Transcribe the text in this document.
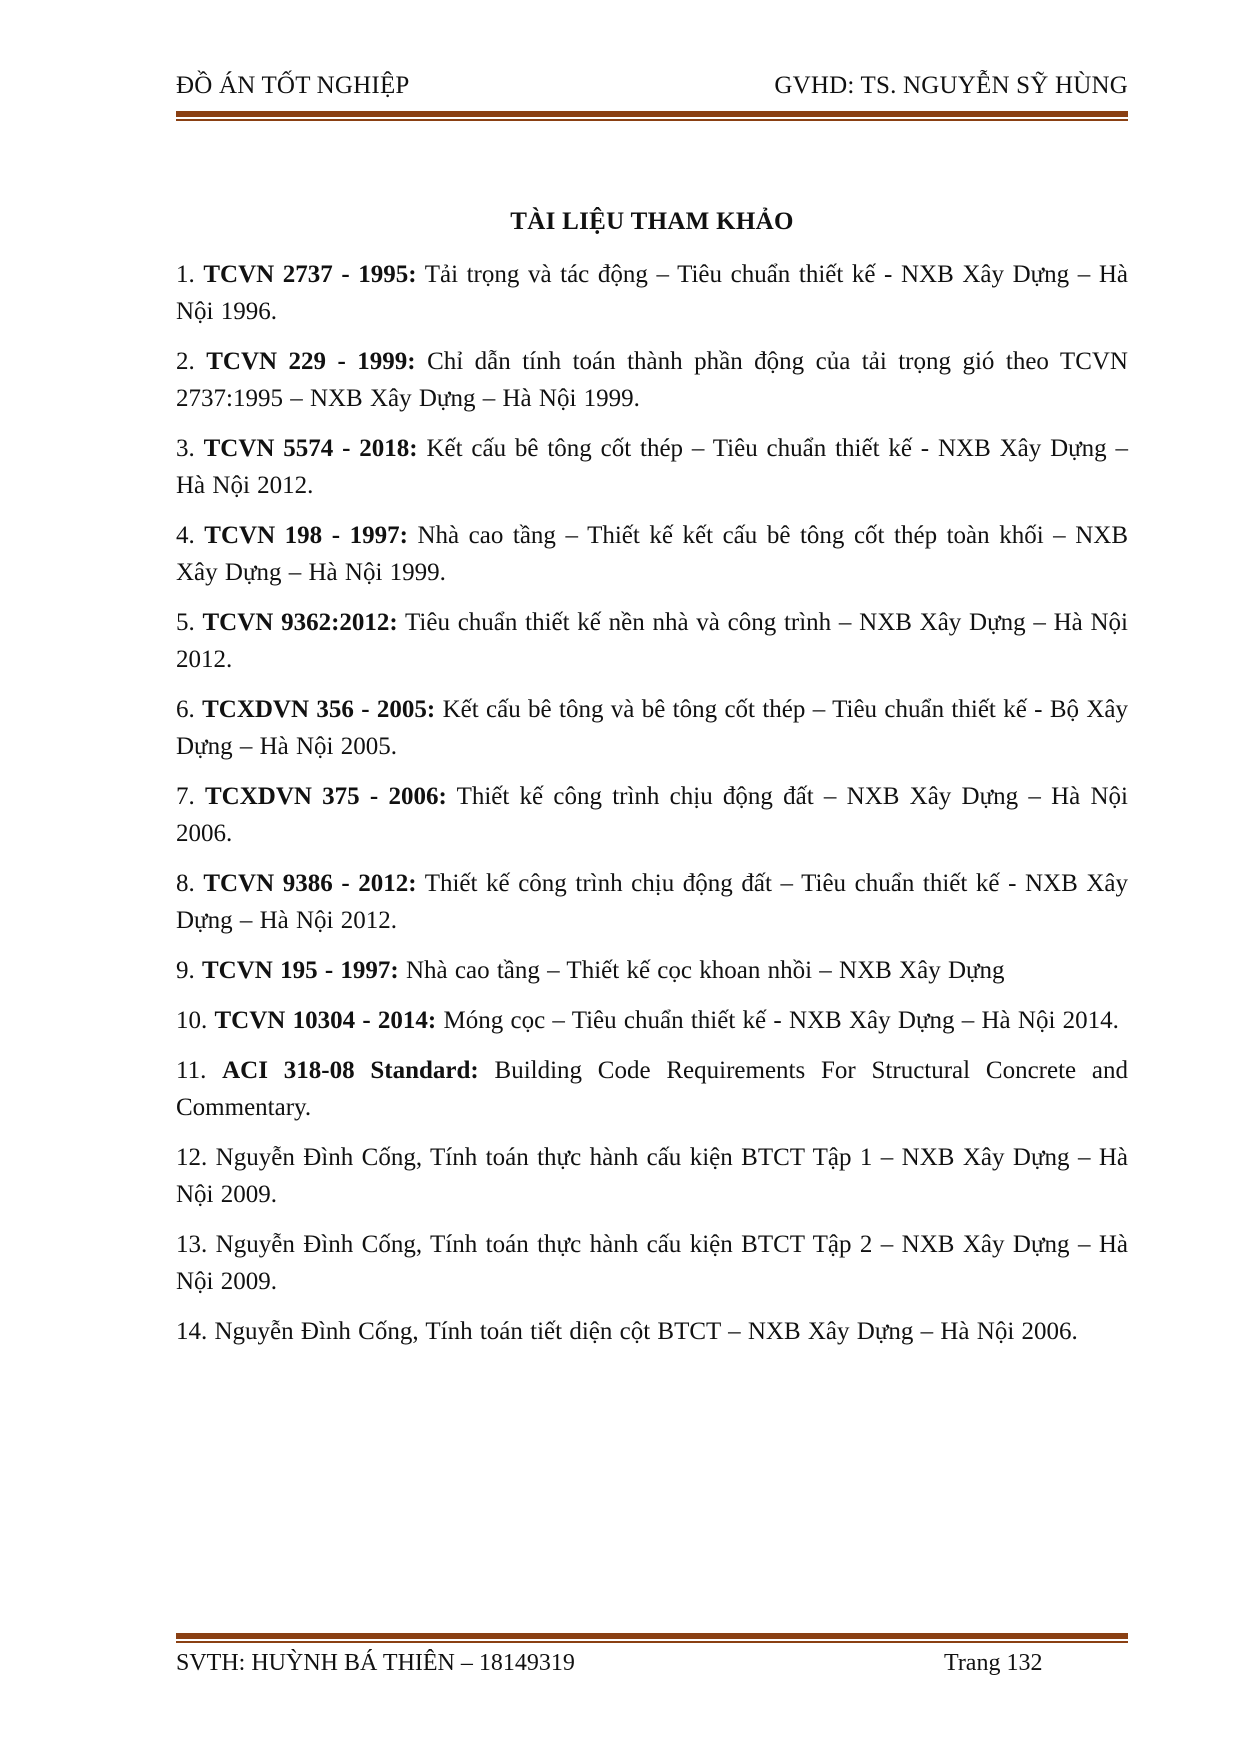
ĐỒ ÁN TỐT NGHIỆP	GVHD: TS. NGUYỄN SỸ HÙNG
TÀI LIỆU THAM KHẢO
1. TCVN 2737 - 1995: Tải trọng và tác động – Tiêu chuẩn thiết kế - NXB Xây Dựng – Hà Nội 1996.
2. TCVN 229 - 1999: Chỉ dẫn tính toán thành phần động của tải trọng gió theo TCVN 2737:1995 – NXB Xây Dựng – Hà Nội 1999.
3. TCVN 5574 - 2018: Kết cấu bê tông cốt thép – Tiêu chuẩn thiết kế - NXB Xây Dựng – Hà Nội 2012.
4. TCVN 198 - 1997: Nhà cao tầng – Thiết kế kết cấu bê tông cốt thép toàn khối – NXB Xây Dựng – Hà Nội 1999.
5. TCVN 9362:2012: Tiêu chuẩn thiết kế nền nhà và công trình – NXB Xây Dựng – Hà Nội 2012.
6. TCXDVN 356 - 2005: Kết cấu bê tông và bê tông cốt thép – Tiêu chuẩn thiết kế - Bộ Xây Dựng – Hà Nội 2005.
7. TCXDVN 375 - 2006: Thiết kế công trình chịu động đất – NXB Xây Dựng – Hà Nội 2006.
8. TCVN 9386 - 2012: Thiết kế công trình chịu động đất – Tiêu chuẩn thiết kế - NXB Xây Dựng – Hà Nội 2012.
9. TCVN 195 - 1997: Nhà cao tầng – Thiết kế cọc khoan nhồi – NXB Xây Dựng
10. TCVN 10304 - 2014: Móng cọc – Tiêu chuẩn thiết kế - NXB Xây Dựng – Hà Nội 2014.
11. ACI 318-08 Standard: Building Code Requirements For Structural Concrete and Commentary.
12. Nguyễn Đình Cống, Tính toán thực hành cấu kiện BTCT Tập 1 – NXB Xây Dựng – Hà Nội 2009.
13. Nguyễn Đình Cống, Tính toán thực hành cấu kiện BTCT Tập 2 – NXB Xây Dựng – Hà Nội 2009.
14. Nguyễn Đình Cống, Tính toán tiết diện cột BTCT – NXB Xây Dựng – Hà Nội 2006.
SVTH: HUỲNH BÁ THIÊN – 18149319	Trang 132
